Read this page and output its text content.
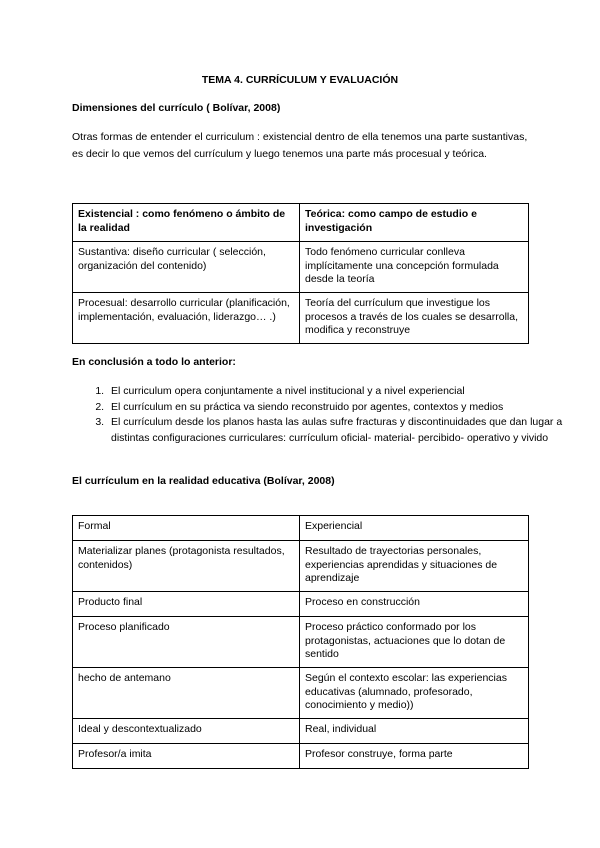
TEMA 4. CURRÍCULUM Y EVALUACIÓN
Dimensiones del currículo ( Bolívar, 2008)
Otras formas de entender el curriculum : existencial dentro de ella tenemos una parte sustantivas, es decir lo que vemos del currículum y luego tenemos una parte más procesual y teórica.
Existencial : como fenómeno o ámbito de la realidad	Teórica: como campo de estudio e investigación
Sustantiva: diseño curricular ( selección, organización del contenido)	Todo fenómeno curricular conlleva implícitamente una concepción formulada desde la teoría
Procesual: desarrollo curricular (planificación, implementación, evaluación, liderazgo… .)	Teoría del currículum que investigue los procesos a través de los cuales se desarrolla, modifica y reconstruye
En conclusión a todo lo anterior:
1. El curriculum opera conjuntamente a nivel institucional y a nivel experiencial
2. El currículum en su práctica va siendo reconstruido por agentes, contextos y medios
3. El currículum desde los planos hasta las aulas sufre fracturas y discontinuidades que dan lugar a distintas configuraciones curriculares: currículum oficial- material- percibido- operativo y vivido
El currículum en la realidad educativa (Bolívar, 2008)
Formal	Experiencial
Materializar planes (protagonista resultados, contenidos)	Resultado de trayectorias personales, experiencias aprendidas y situaciones de aprendizaje
Producto final	Proceso en construcción
Proceso planificado	Proceso práctico conformado por los protagonistas, actuaciones que lo dotan de sentido
hecho de antemano	Según el contexto escolar: las experiencias educativas (alumnado, profesorado, conocimiento y medio))
Ideal y descontextualizado	Real, individual
Profesor/a imita	Profesor construye, forma parte
